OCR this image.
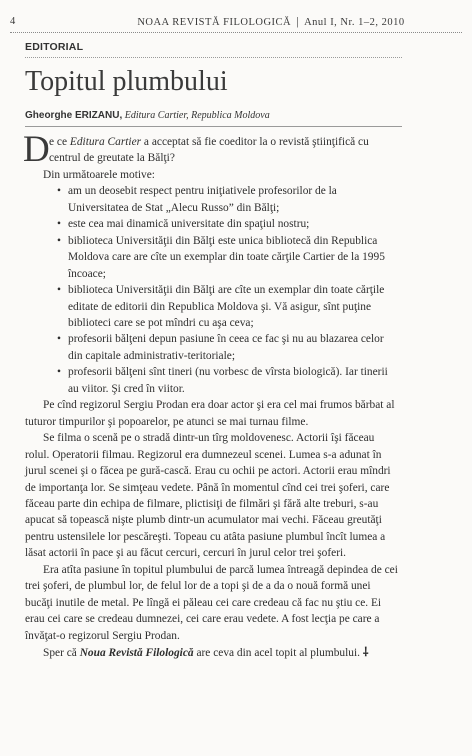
4	NOAA REVISTĂ FILOLOGICĂ | Anul I, Nr. 1–2, 2010
EDITORIAL
Topitul plumbului
Gheorghe ERIZANU, Editura Cartier, Republica Moldova

D e ce Editura Cartier a acceptat să fie coeditor la o revistă ştiinţifică cu centrul de greutate la Bălţi?

Din următoarele motive:

• am un deosebit respect pentru iniţiativele profesorilor de la Universitatea de Stat „Alecu Russo” din Bălţi;
• este cea mai dinamică universitate din spaţiul nostru;
• biblioteca Universităţii din Bălţi este unica bibliotecă din Republica Moldova care are cîte un exemplar din toate cărţile Cartier de la 1995 încoace;
• biblioteca Universităţii din Bălţi are cîte un exemplar din toate cărţile editate de editorii din Republica Moldova şi. Vă asigur, sînt puţine biblioteci care se pot mîndri cu aşa ceva;
• profesorii bălţeni depun pasiune în ceea ce fac şi nu au blazarea celor din capitale administrativ-teritoriale;
• profesorii bălţeni sînt tineri (nu vorbesc de vîrsta biologică). Iar tinerii au viitor. Şi cred în viitor.

Pe cînd regizorul Sergiu Prodan era doar actor şi era cel mai frumos bărbat al tuturor timpurilor şi popoarelor, pe atunci se mai turnau filme.

Se filma o scenă pe o stradă dintr-un tîrg moldovenesc. Actorii îşi făceau rolul. Operatorii filmau. Regizorul era dumnezeul scenei. Lumea s-a adunat în jurul scenei şi o făcea pe gură-cască. Erau cu ochii pe actori. Actorii erau mîndri de importanţa lor. Se simţeau vedete. Până în momentul cînd cei trei şoferi, care făceau parte din echipa de filmare, plictisiţi de filmări şi fără alte treburi, s-au apucat să topească nişte plumb dintr-un acumulator mai vechi. Făceau greutăţi pentru ustensilele lor pescăreşti. Topeau cu atâta pasiune plumbul încît lumea a lăsat actorii în pace şi au făcut cercuri, cercuri în jurul celor trei şoferi.

Era atîta pasiune în topitul plumbului de parcă lumea întreagă depindea de cei trei şoferi, de plumbul lor, de felul lor de a topi şi de a da o nouă formă unei bucăţi inutile de metal. Pe lîngă ei păleau cei care credeau că fac nu ştiu ce. Ei erau cei care se credeau dumnezei, cei care erau vedete. A fost lecţia pe care a învăţat-o regizorul Sergiu Prodan.

Sper că Noua Revistă Filologică are ceva din acel topit al plumbului. ⸸
